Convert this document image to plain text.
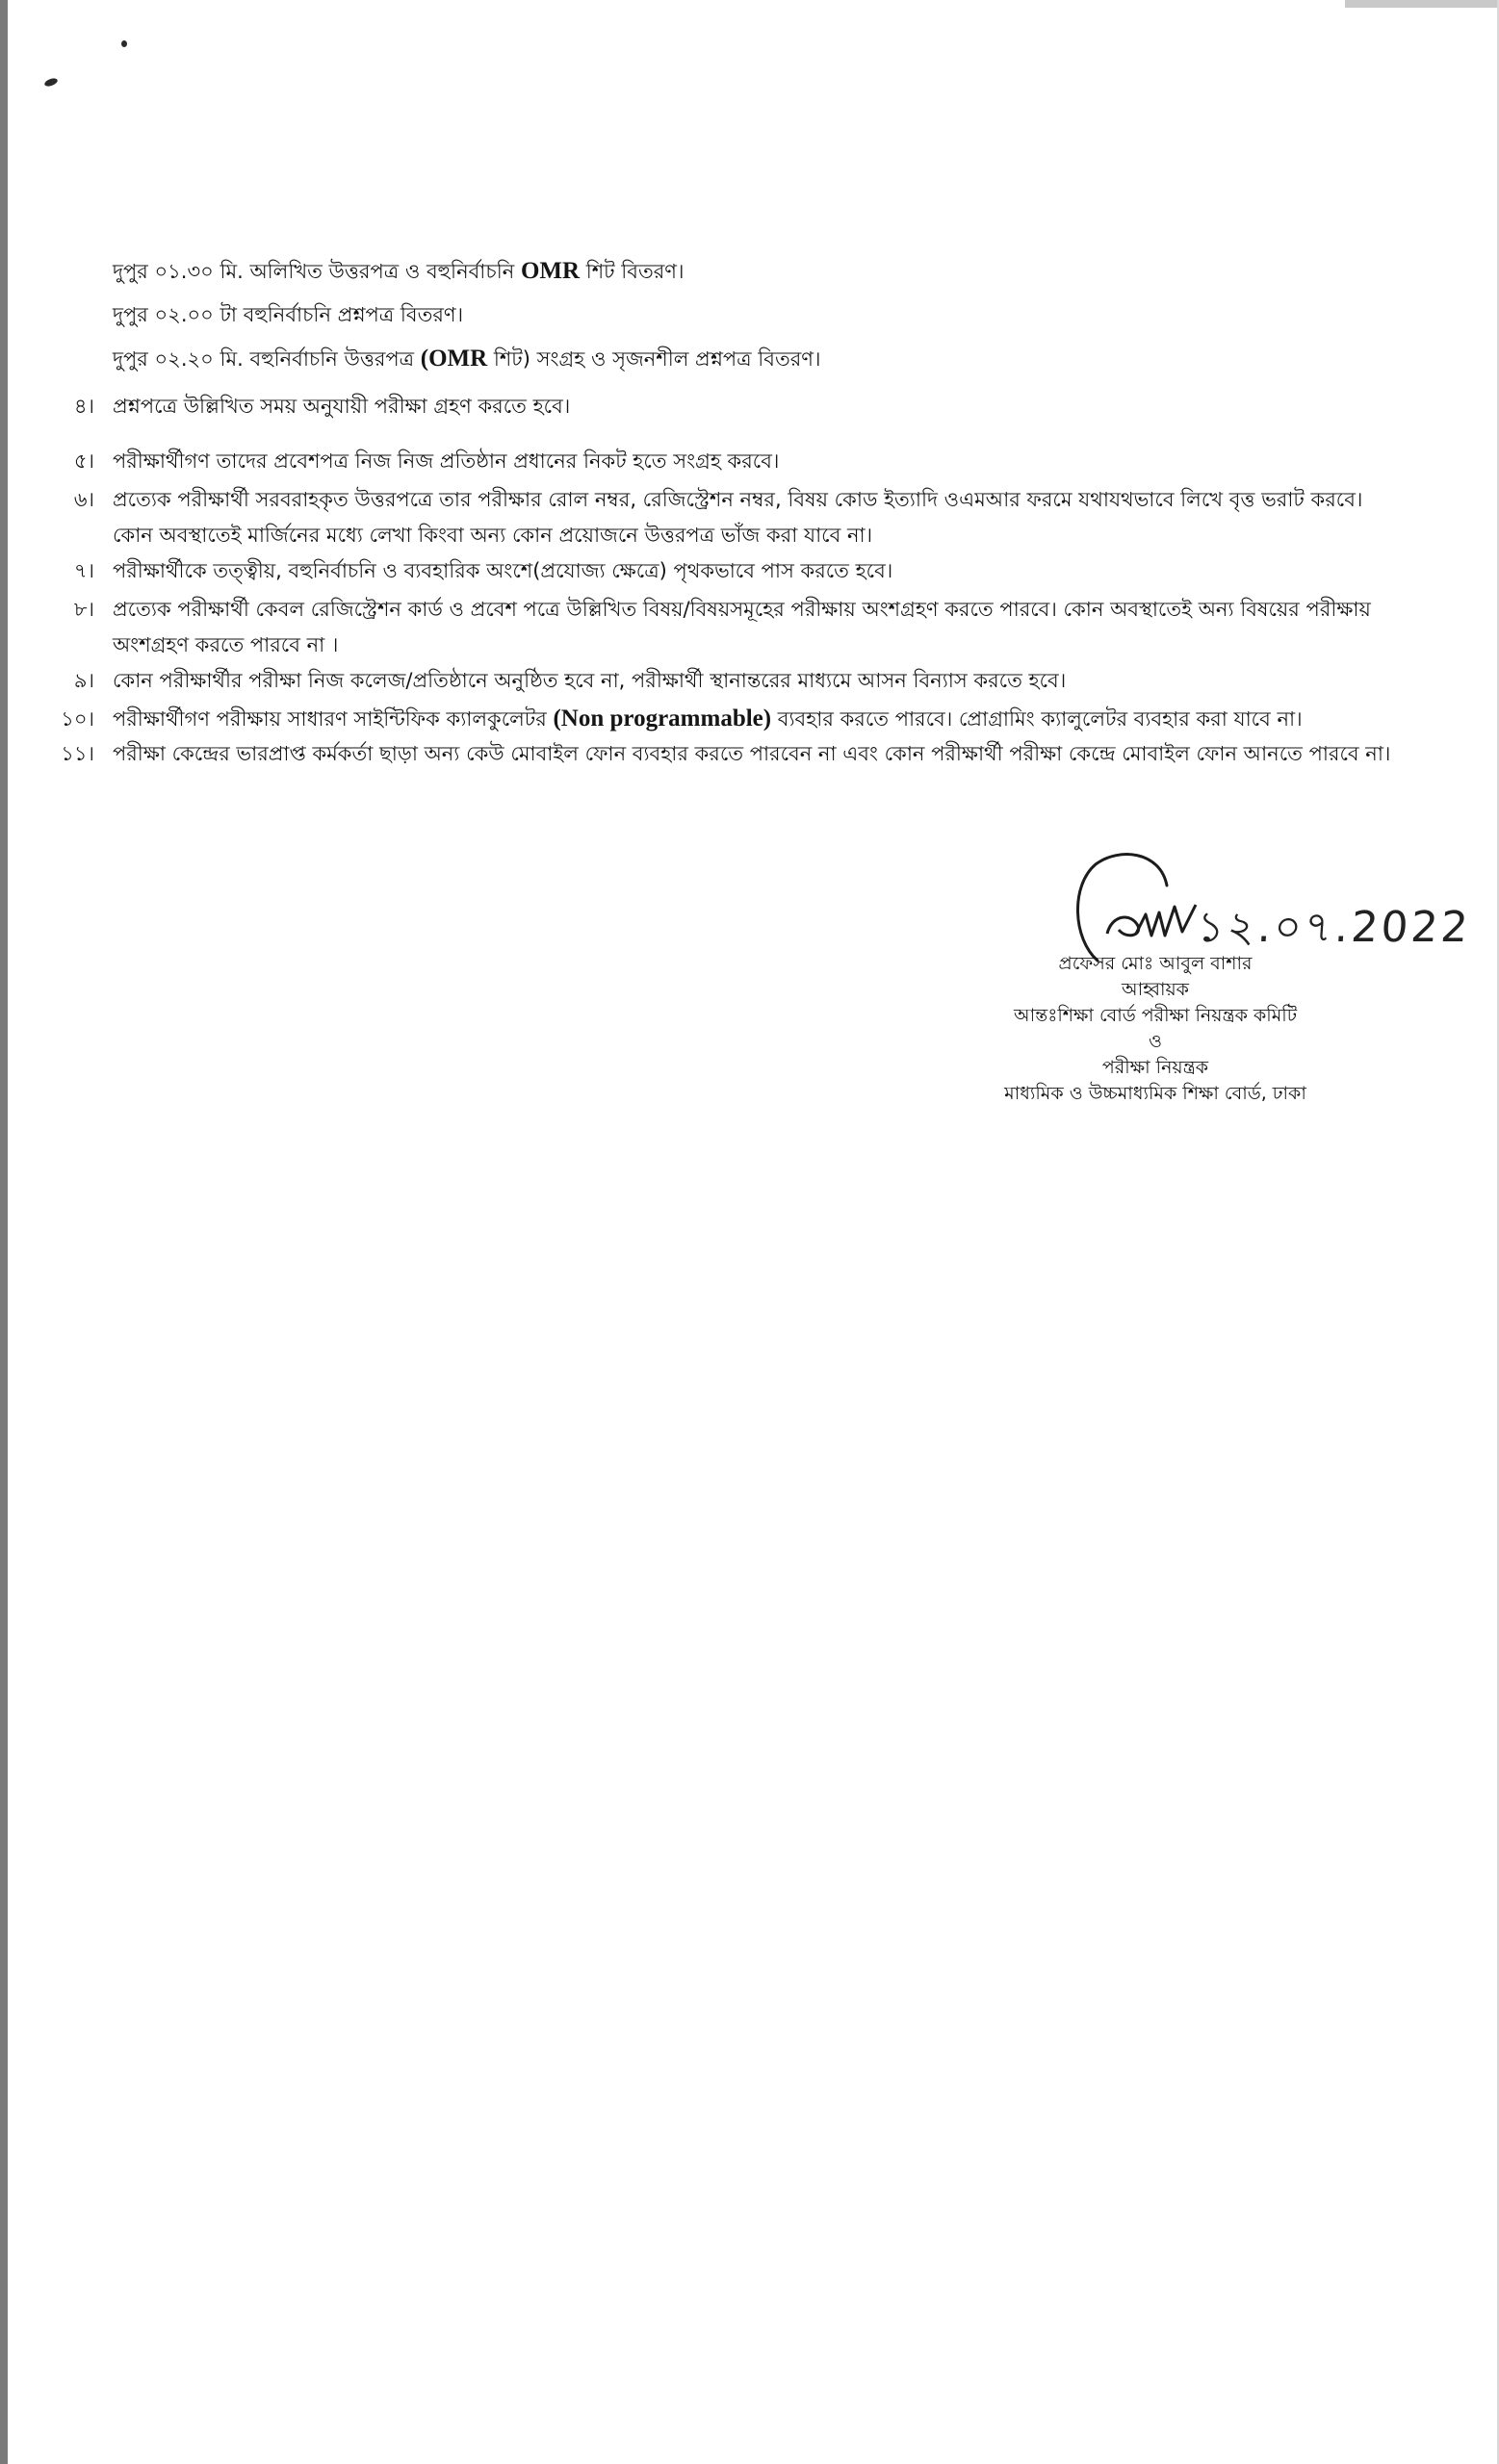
দুপুর ০১.৩০ মি. অলিখিত উত্তরপত্র ও বহুনির্বাচনি OMR শিট বিতরণ।
দুপুর ০২.০০ টা বহুনির্বাচনি প্রশ্নপত্র বিতরণ।
দুপুর ০২.২০ মি. বহুনির্বাচনি উত্তরপত্র (OMR শিট) সংগ্রহ ও সৃজনশীল প্রশ্নপত্র বিতরণ।
৪। প্রশ্নপত্রে উল্লিখিত সময় অনুযায়ী পরীক্ষা গ্রহণ করতে হবে।
৫। পরীক্ষার্থীগণ তাদের প্রবেশপত্র নিজ নিজ প্রতিষ্ঠান প্রধানের নিকট হতে সংগ্রহ করবে।
৬। প্রত্যেক পরীক্ষার্থী সরবরাহকৃত উত্তরপত্রে তার পরীক্ষার রোল নম্বর, রেজিস্ট্রেশন নম্বর, বিষয় কোড ইত্যাদি ওএমআর ফরমে যথাযথভাবে লিখে বৃত্ত ভরাট করবে।
কোন অবস্থাতেই মার্জিনের মধ্যে লেখা কিংবা অন্য কোন প্রয়োজনে উত্তরপত্র ভাঁজ করা যাবে না।
৭। পরীক্ষার্থীকে তত্ত্বীয়, বহুনির্বাচনি ও ব্যবহারিক অংশে(প্রযোজ্য ক্ষেত্রে) পৃথকভাবে পাস করতে হবে।
৮। প্রত্যেক পরীক্ষার্থী কেবল রেজিস্ট্রেশন কার্ড ও প্রবেশ পত্রে উল্লিখিত বিষয়/বিষয়সমূহের পরীক্ষায় অংশগ্রহণ করতে পারবে। কোন অবস্থাতেই অন্য বিষয়ের পরীক্ষায়
অংশগ্রহণ করতে পারবে না ।
৯। কোন পরীক্ষার্থীর পরীক্ষা নিজ কলেজ/প্রতিষ্ঠানে অনুষ্ঠিত হবে না, পরীক্ষার্থী স্থানান্তরের মাধ্যমে আসন বিন্যাস করতে হবে।
১০। পরীক্ষার্থীগণ পরীক্ষায় সাধারণ সাইন্টিফিক ক্যালকুলেটর (Non programmable) ব্যবহার করতে পারবে। প্রোগ্রামিং ক্যালুলেটর ব্যবহার করা যাবে না।
১১। পরীক্ষা কেন্দ্রের ভারপ্রাপ্ত কর্মকর্তা ছাড়া অন্য কেউ মোবাইল ফোন ব্যবহার করতে পারবেন না এবং কোন পরীক্ষার্থী পরীক্ষা কেন্দ্রে মোবাইল ফোন আনতে পারবে না।
১২.০৭.2022
প্রফেসর মোঃ আবুল বাশার
আহ্বায়ক
আন্তঃশিক্ষা বোর্ড পরীক্ষা নিয়ন্ত্রক কমিটি
ও
পরীক্ষা নিয়ন্ত্রক
মাধ্যমিক ও উচ্চমাধ্যমিক শিক্ষা বোর্ড, ঢাকা
